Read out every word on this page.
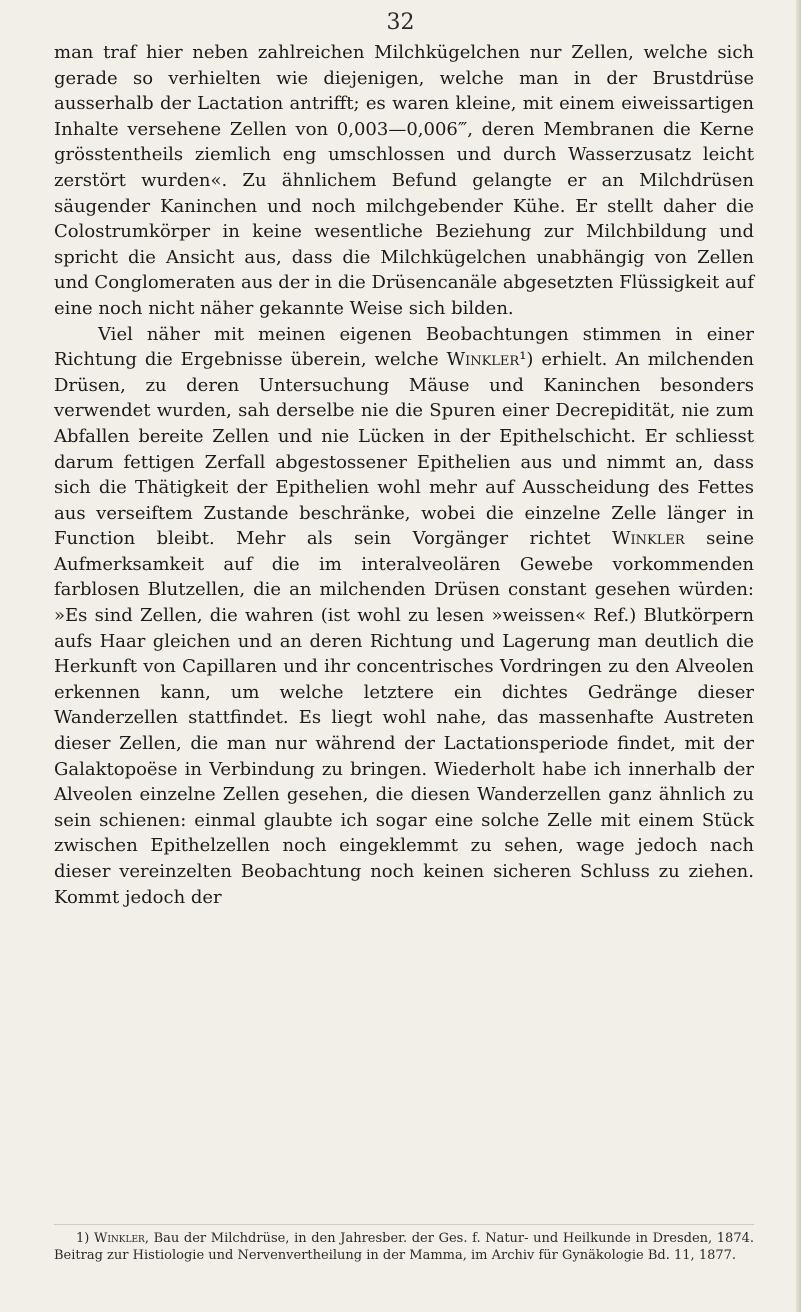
32

man traf hier neben zahlreichen Milchkügelchen nur Zellen, welche sich gerade so verhielten wie diejenigen, welche man in der Brustdrüse ausserhalb der Lactation antrifft; es waren kleine, mit einem eiweissartigen Inhalte versehene Zellen von 0,003—0,006‴, deren Membranen die Kerne grösstentheils ziemlich eng umschlossen und durch Wasserzusatz leicht zerstört wurden«. Zu ähnlichem Befund gelangte er an Milchdrüsen säugender Kaninchen und noch milchgebender Kühe. Er stellt daher die Colostrumkörper in keine wesentliche Beziehung zur Milchbildung und spricht die Ansicht aus, dass die Milchkügelchen unabhängig von Zellen und Conglomeraten aus der in die Drüsencanäle abgesetzten Flüssigkeit auf eine noch nicht näher gekannte Weise sich bilden.

Viel näher mit meinen eigenen Beobachtungen stimmen in einer Richtung die Ergebnisse überein, welche Winkler¹) erhielt. An milchenden Drüsen, zu deren Untersuchung Mäuse und Kaninchen besonders verwendet wurden, sah derselbe nie die Spuren einer Decrepidität, nie zum Abfallen bereite Zellen und nie Lücken in der Epithelschicht. Er schliesst darum fettigen Zerfall abgestossener Epithelien aus und nimmt an, dass sich die Thätigkeit der Epithelien wohl mehr auf Ausscheidung des Fettes aus verseiftem Zustande beschränke, wobei die einzelne Zelle länger in Function bleibt. Mehr als sein Vorgänger richtet Winkler seine Aufmerksamkeit auf die im interalveolären Gewebe vorkommenden farblosen Blutzellen, die an milchenden Drüsen constant gesehen würden: »Es sind Zellen, die wahren (ist wohl zu lesen »weissen« Ref.) Blutkörpern aufs Haar gleichen und an deren Richtung und Lagerung man deutlich die Herkunft von Capillaren und ihr concentrisches Vordringen zu den Alveolen erkennen kann, um welche letztere ein dichtes Gedränge dieser Wanderzellen stattfindet. Es liegt wohl nahe, das massenhafte Austreten dieser Zellen, die man nur während der Lactationsperiode findet, mit der Galaktopoëse in Verbindung zu bringen. Wiederholt habe ich innerhalb der Alveolen einzelne Zellen gesehen, die diesen Wanderzellen ganz ähnlich zu sein schienen: einmal glaubte ich sogar eine solche Zelle mit einem Stück zwischen Epithelzellen noch eingeklemmt zu sehen, wage jedoch nach dieser vereinzelten Beobachtung noch keinen sicheren Schluss zu ziehen. Kommt jedoch der

1) Winkler, Bau der Milchdrüse, in den Jahresber. der Ges. f. Natur- und Heilkunde in Dresden, 1874. Beitrag zur Histiologie und Nervenvertheilung in der Mamma, im Archiv für Gynäkologie Bd. 11, 1877.
